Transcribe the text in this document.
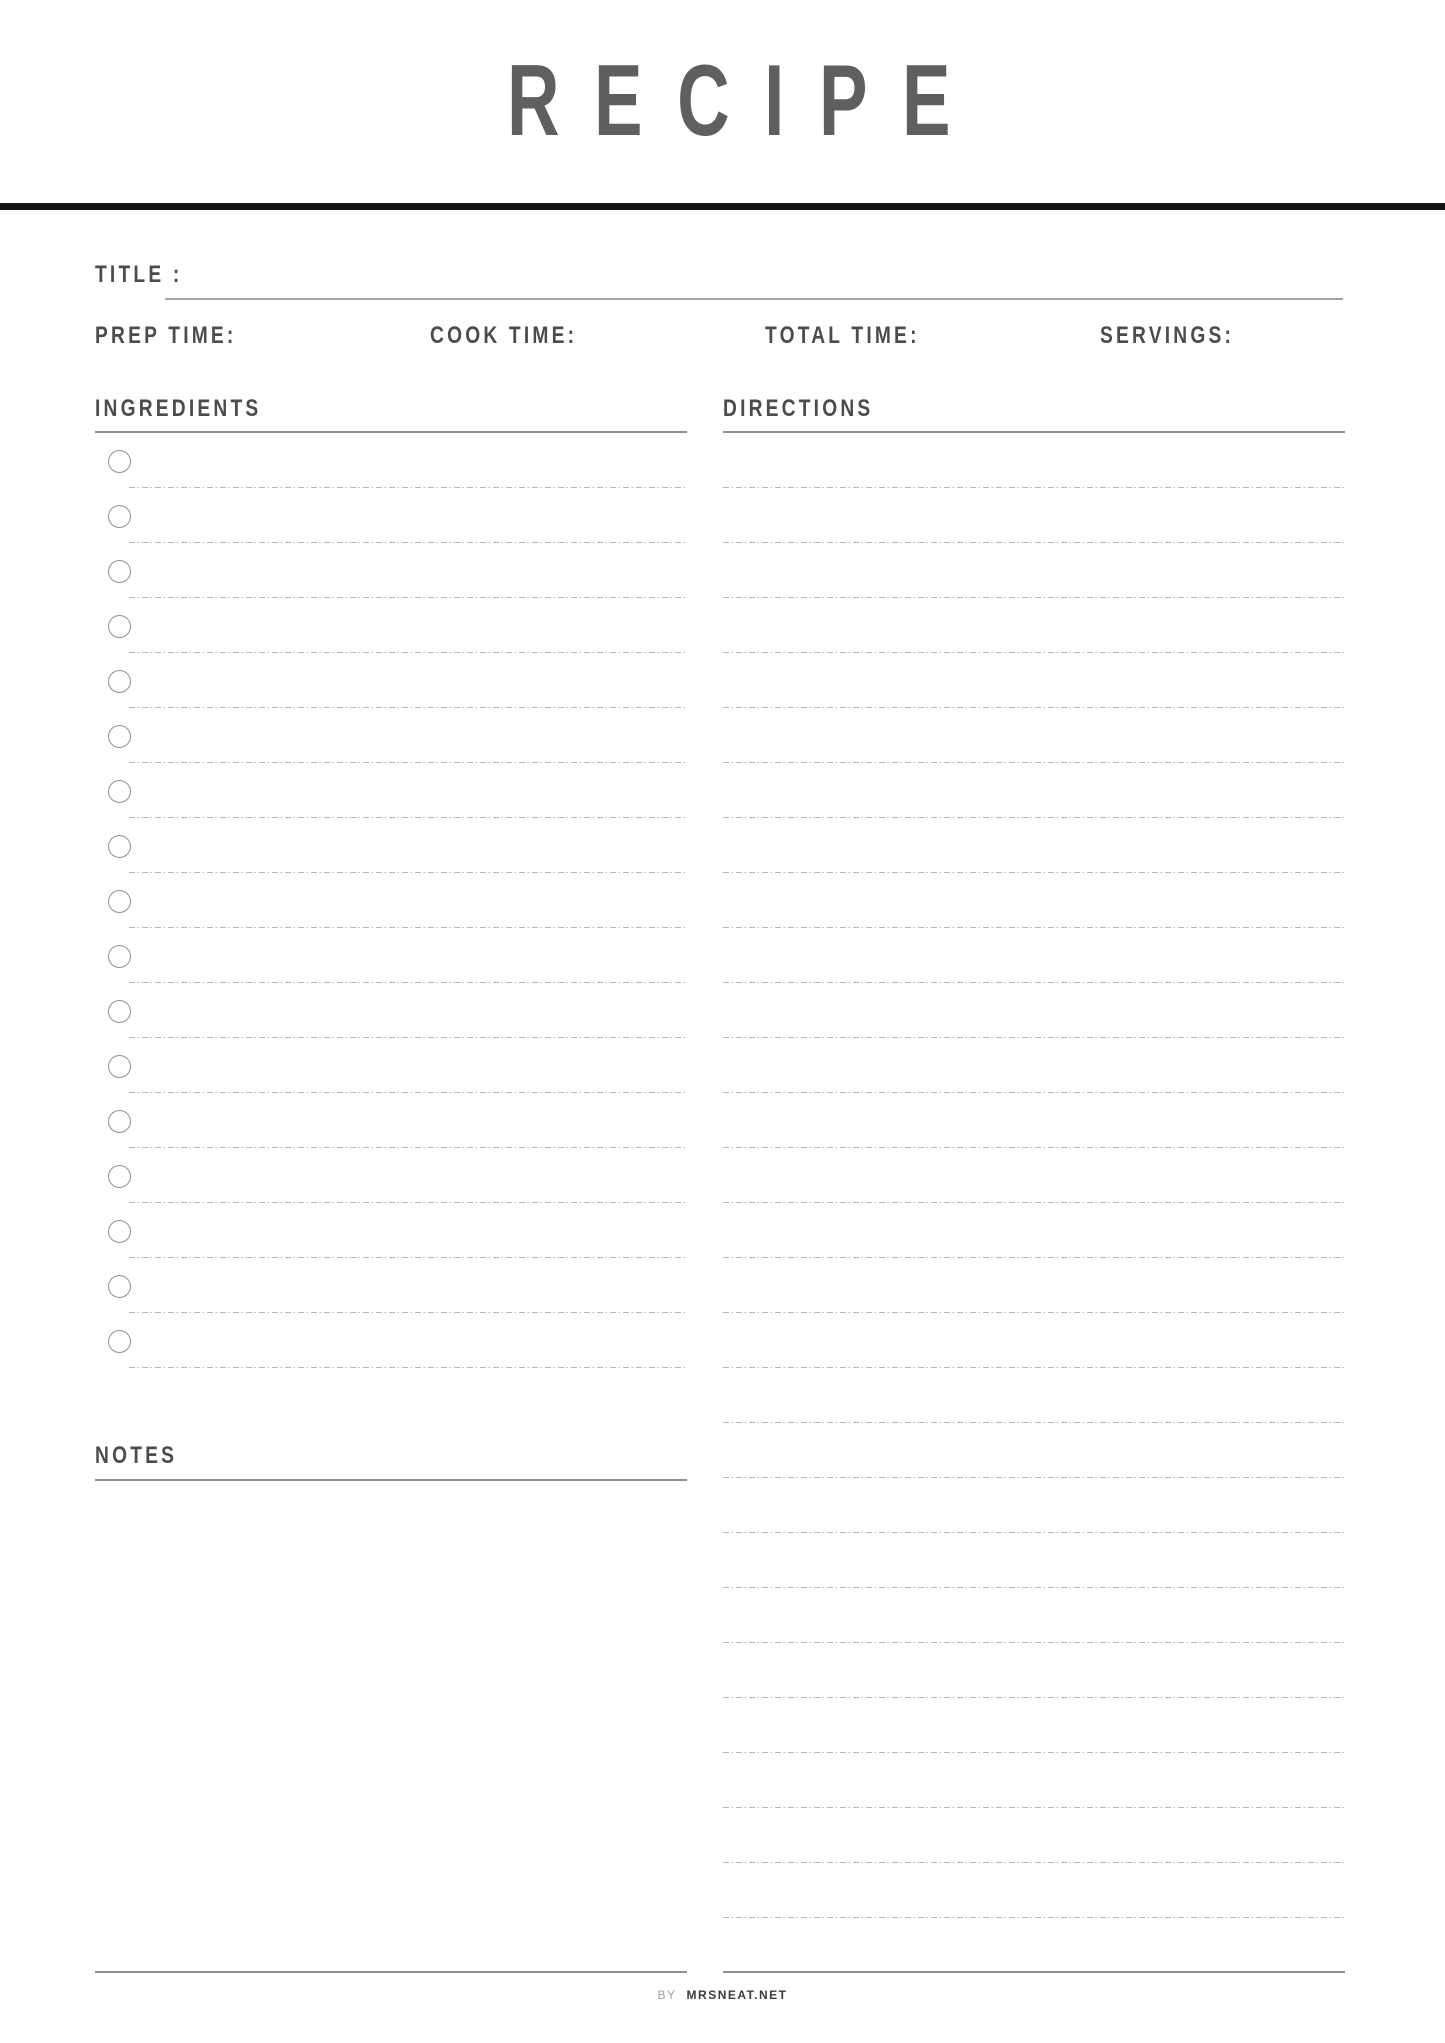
RECIPE
TITLE :
PREP TIME:	COOK TIME:	TOTAL TIME:	SERVINGS:
INGREDIENTS	DIRECTIONS
NOTES
BY MRSNEAT.NET
